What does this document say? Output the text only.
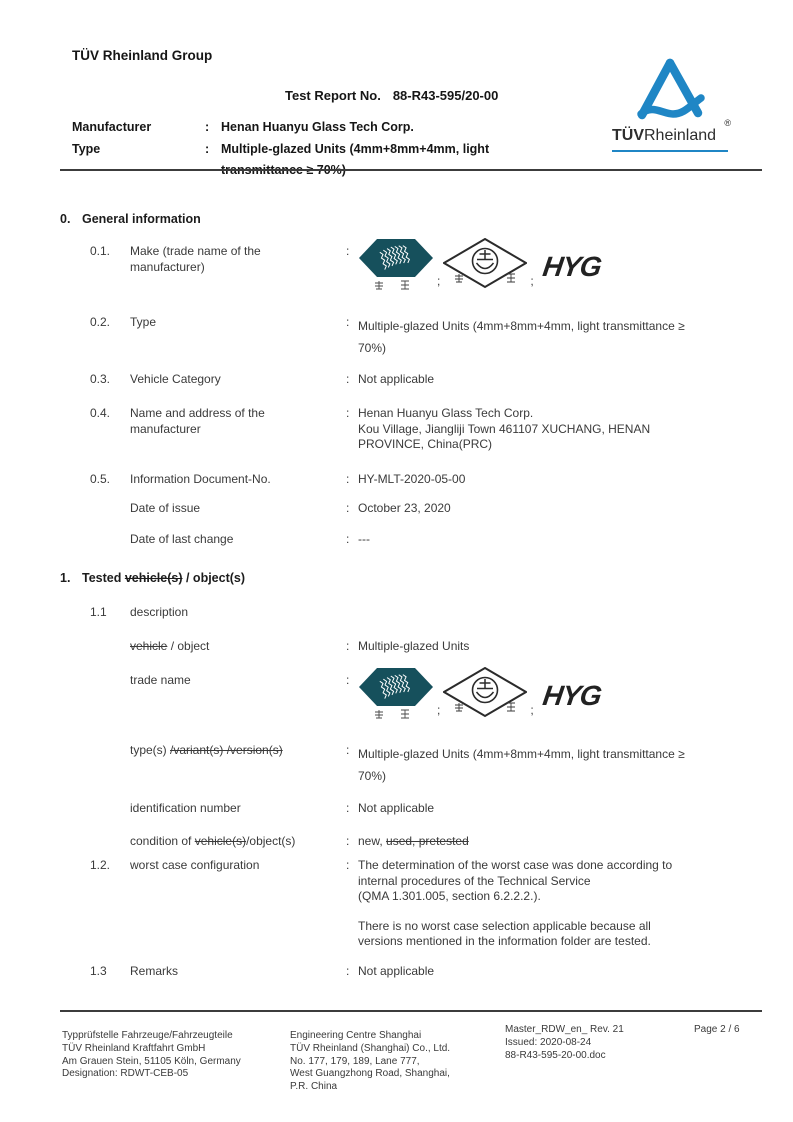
TÜV Rheinland Group
Test Report No. 88-R43-595/20-00
Manufacturer	: Henan Huanyu Glass Tech Corp.
Type	: Multiple-glazed Units (4mm+8mm+4mm, light
TÜVRheinland
®
0. General information
0.1.	Make (trade name of the manufacturer)
:
;	; HYG
0.2.	Type	: Multiple-glazed Units (4mm+8mm+4mm, light transmittance ≥
70%)
0.3.	Vehicle Category	: Not applicable
0.4.	Name and address of the manufacturer
: Henan Huanyu Glass Tech Corp.
Kou Village, Jiangliji Town 461107 XUCHANG, HENAN
PROVINCE, China(PRC)
0.5.	Information Document-No.	: HY-MLT-2020-05-00
Date of issue	: October 23, 2020
Date of last change	: ---
1. Tested vehicle(s) / object(s)
1.1	description
vehicle / object	: Multiple-glazed Units
trade name	:
;	; HYG
type(s) /variant(s) /version(s)	: Multiple-glazed Units (4mm+8mm+4mm, light transmittance ≥
70%)
identification number	: Not applicable
condition of vehicle(s)/object(s)	: new, used, pretested
1.2.	worst case configuration	: The determination of the worst case was done according to
internal procedures of the Technical Service
(QMA 1.301.005, section 6.2.2.2.).
There is no worst case selection applicable because all
versions mentioned in the information folder are tested.
1.3	Remarks	: Not applicable
Typprüfstelle Fahrzeuge/Fahrzeugteile
TÜV Rheinland Kraftfahrt GmbH
Am Grauen Stein, 51105 Köln, Germany
Designation: RDWT-CEB-05
Engineering Centre Shanghai
TÜV Rheinland (Shanghai) Co., Ltd.
No. 177, 179, 189, Lane 777,
West Guangzhong Road, Shanghai,
P.R. China
Master_RDW_en_ Rev. 21
Issued: 2020-08-24
88-R43-595-20-00.doc
Page 2 / 6
